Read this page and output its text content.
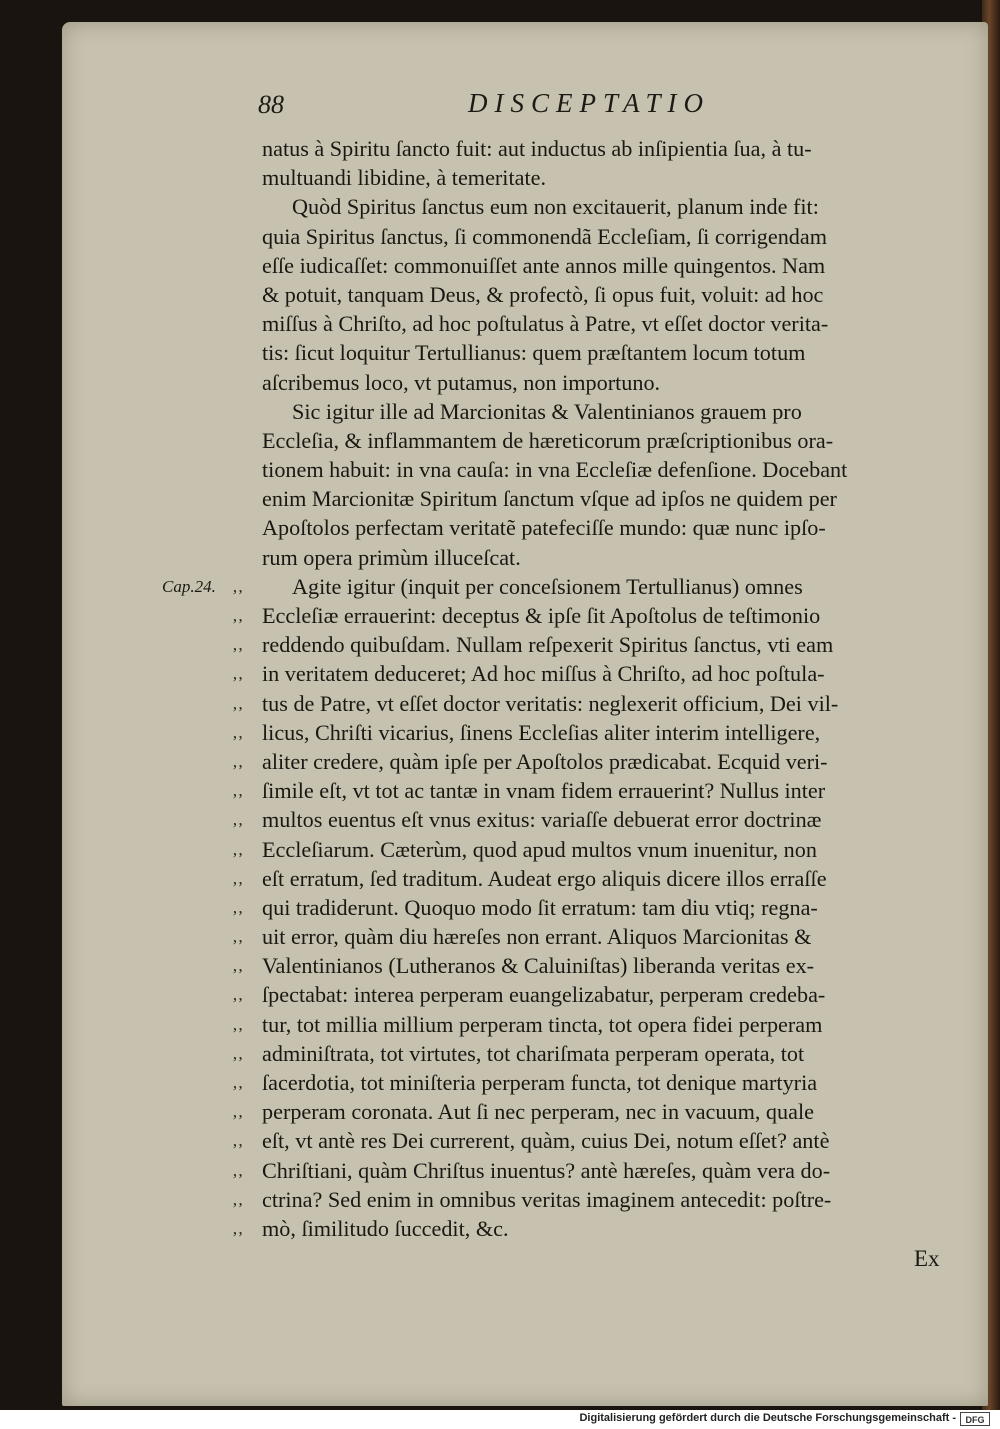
88	DISCEPTATIO
natus à Spiritu ſancto fuit: aut inductus ab inſipientia ſua, à tu-
multuandi libidine, à temeritate.
Quòd Spiritus ſanctus eum non excitauerit, planum inde fit:
quia Spiritus ſanctus, ſi commonendã Eccleſiam, ſi corrigendam
eſſe iudicaſſet: commonuiſſet ante annos mille quingentos. Nam
& potuit, tanquam Deus, & profectò, ſi opus fuit, voluit: ad hoc
miſſus à Chriſto, ad hoc poſtulatus à Patre, vt eſſet doctor verita-
tis: ſicut loquitur Tertullianus: quem præſtantem locum totum
aſcribemus loco, vt putamus, non importuno.
Sic igitur ille ad Marcionitas & Valentinianos grauem pro
Eccleſia, & inflammantem de hæreticorum præſcriptionibus ora-
tionem habuit: in vna cauſa: in vna Eccleſiæ defenſione. Docebant
enim Marcionitæ Spiritum ſanctum vſque ad ipſos ne quidem per
Apoſtolos perfectam veritatẽ patefeciſſe mundo: quæ nunc ipſo-
rum opera primùm illuceſcat.
‚‚
Cap.24.	Agite igitur (inquit per conceſsionem Tertullianus) omnes
‚‚ Eccleſiæ errauerint: deceptus & ipſe ſit Apoſtolus de teſtimonio
‚‚ reddendo quibuſdam. Nullam reſpexerit Spiritus ſanctus, vti eam
‚‚ in veritatem deduceret; Ad hoc miſſus à Chriſto, ad hoc poſtula-
‚‚ tus de Patre, vt eſſet doctor veritatis: neglexerit officium, Dei vil-
‚‚ licus, Chriſti vicarius, ſinens Eccleſias aliter interim intelligere,
‚‚ aliter credere, quàm ipſe per Apoſtolos prædicabat. Ecquid veri-
‚‚ ſimile eſt, vt tot ac tantæ in vnam fidem errauerint? Nullus inter
‚‚ multos euentus eſt vnus exitus: variaſſe debuerat error doctrinæ
‚‚ Eccleſiarum. Cæterùm, quod apud multos vnum inuenitur, non
‚‚ eſt erratum, ſed traditum. Audeat ergo aliquis dicere illos erraſſe
‚‚ qui tradiderunt. Quoquo modo ſit erratum: tam diu vtiq; regna-
‚‚ uit error, quàm diu hæreſes non errant. Aliquos Marcionitas &
‚‚ Valentinianos (Lutheranos & Caluiniſtas) liberanda veritas ex-
‚‚ ſpectabat: interea perperam euangelizabatur, perperam credeba-
‚‚ tur, tot millia millium perperam tincta, tot opera fidei perperam
‚‚ adminiſtrata, tot virtutes, tot chariſmata perperam operata, tot
‚‚ ſacerdotia, tot miniſteria perperam functa, tot denique martyria
‚‚ perperam coronata. Aut ſi nec perperam, nec in vacuum, quale
‚‚ eſt, vt antè res Dei currerent, quàm, cuius Dei, notum eſſet? antè
‚‚ Chriſtiani, quàm Chriſtus inuentus? antè hæreſes, quàm vera do-
‚‚ ctrina? Sed enim in omnibus veritas imaginem antecedit: poſtre-
‚‚ mò, ſimilitudo ſuccedit, &c.
Ex
Digitalisierung gefördert durch die Deutsche Forschungsgemeinschaft -	DFG
